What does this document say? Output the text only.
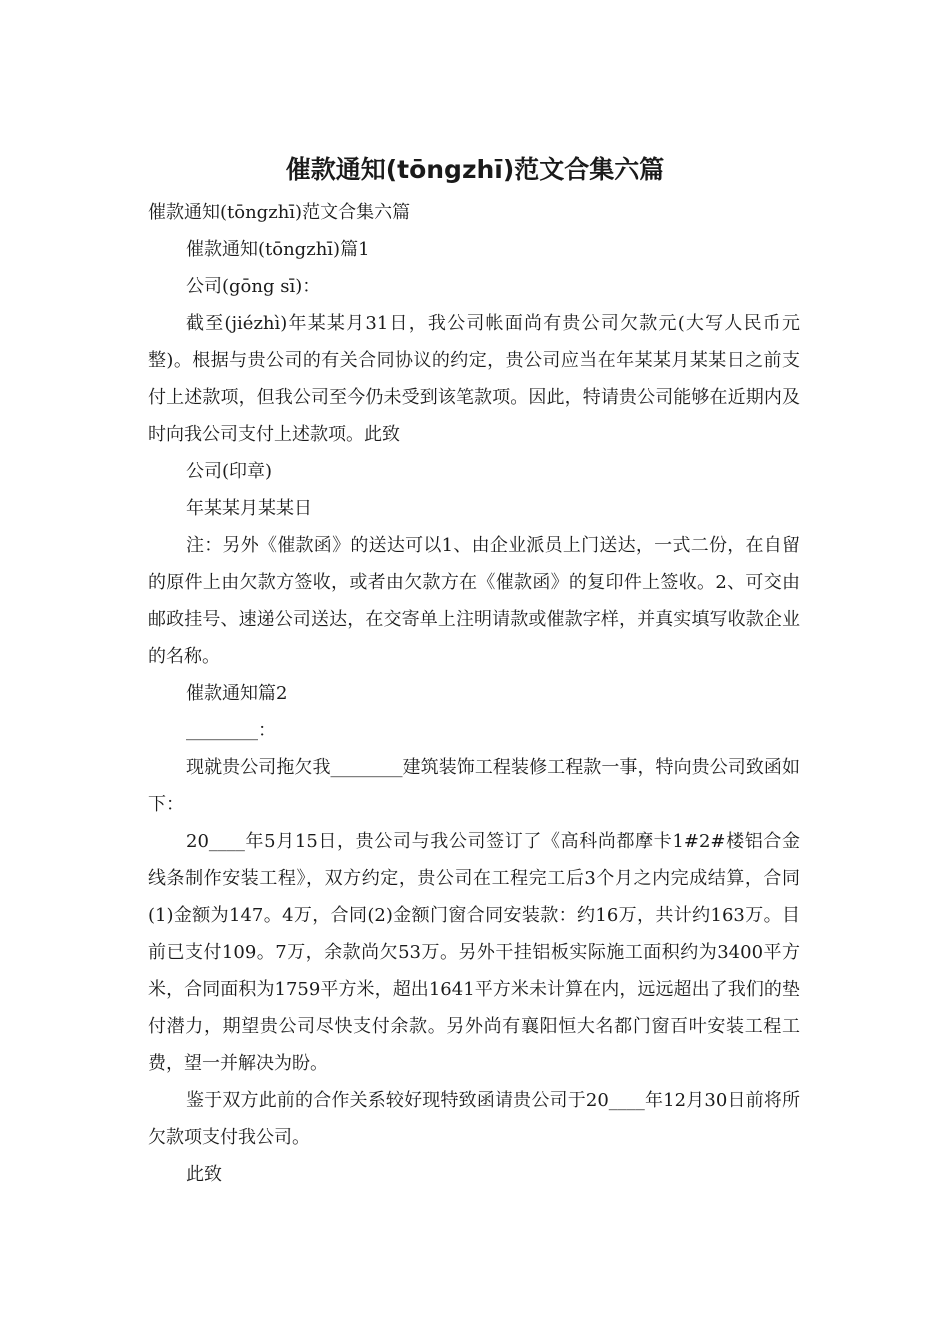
催款通知(tōngzhī)范文合集六篇

催款通知(tōngzhī)范文合集六篇

催款通知(tōngzhī)篇1

公司(gōng sī)：

截至(jiézhì)年某某月31日，我公司帐面尚有贵公司欠款元(大写人民币元整)。根据与贵公司的有关合同协议的约定，贵公司应当在年某某月某某日之前支付上述款项，但我公司至今仍未受到该笔款项。因此，特请贵公司能够在近期内及时向我公司支付上述款项。此致

公司(印章)

年某某月某某日

注：另外《催款函》的送达可以1、由企业派员上门送达，一式二份，在自留的原件上由欠款方签收，或者由欠款方在《催款函》的复印件上签收。2、可交由邮政挂号、速递公司送达，在交寄单上注明请款或催款字样，并真实填写收款企业的名称。

催款通知篇2

________：

现就贵公司拖欠我________建筑装饰工程装修工程款一事，特向贵公司致函如下：

20____年5月15日，贵公司与我公司签订了《高科尚都摩卡1#2#楼铝合金线条制作安装工程》，双方约定，贵公司在工程完工后3个月之内完成结算，合同(1)金额为147。4万，合同(2)金额门窗合同安装款：约16万，共计约163万。目前已支付109。7万，余款尚欠53万。另外干挂铝板实际施工面积约为3400平方米，合同面积为1759平方米，超出1641平方米未计算在内，远远超出了我们的垫付潜力，期望贵公司尽快支付余款。另外尚有襄阳恒大名都门窗百叶安装工程工费，望一并解决为盼。

鉴于双方此前的合作关系较好现特致函请贵公司于20____年12月30日前将所欠款项支付我公司。

此致
